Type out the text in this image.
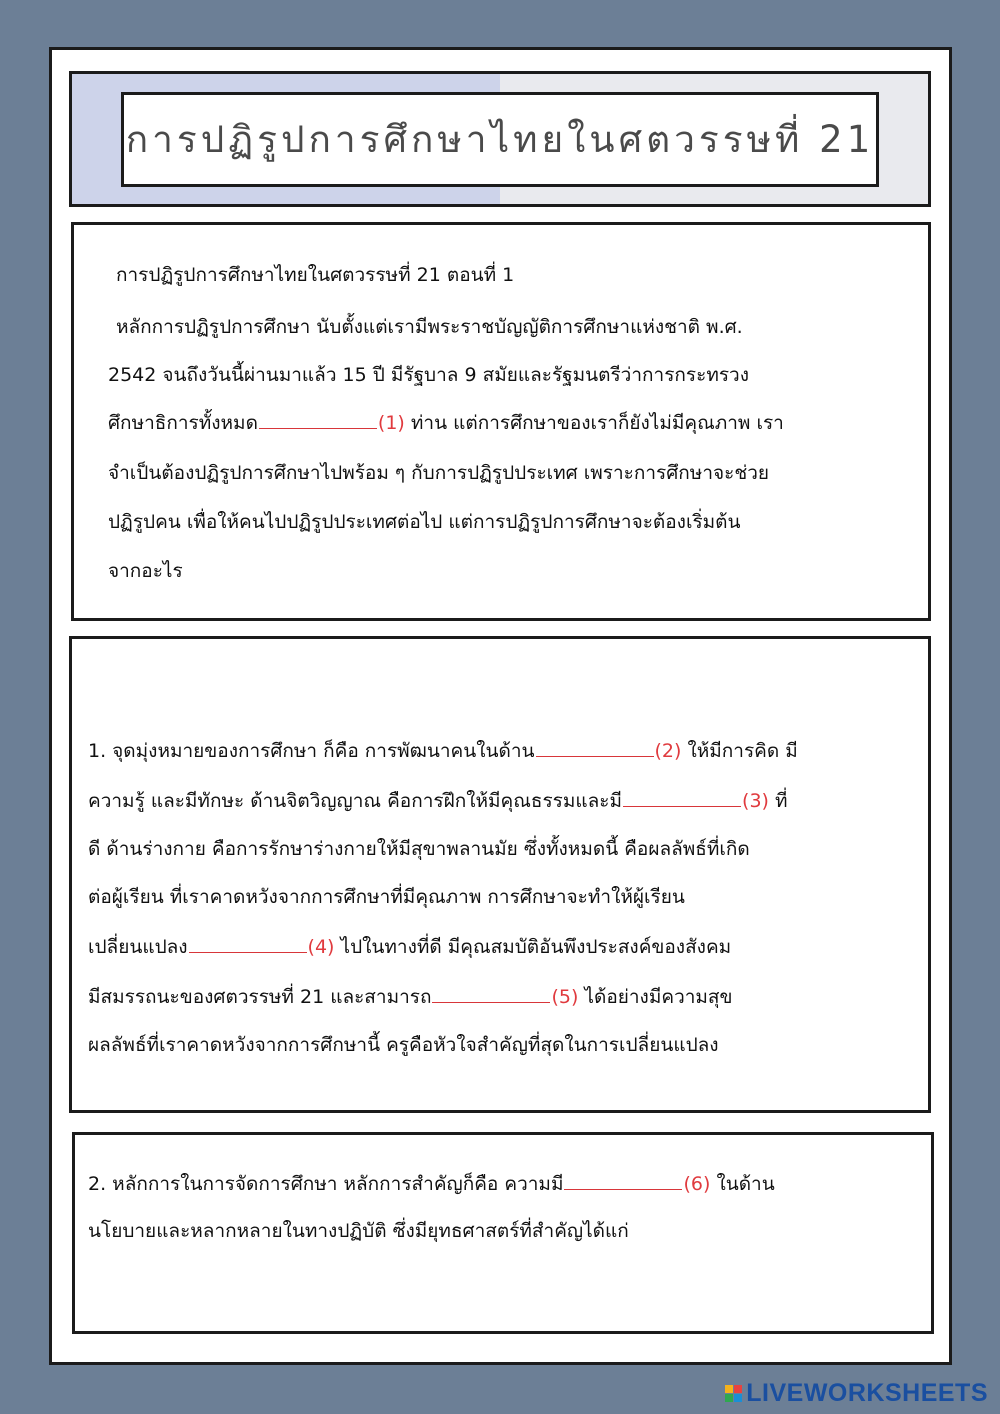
การปฏิรูปการศึกษาไทยในศตวรรษที่ 21
การปฏิรูปการศึกษาไทยในศตวรรษที่ 21 ตอนที่ 1
หลักการปฏิรูปการศึกษา นับตั้งแต่เรามีพระราชบัญญัติการศึกษาแห่งชาติ พ.ศ.
2542 จนถึงวันนี้ผ่านมาแล้ว 15 ปี มีรัฐบาล 9 สมัยและรัฐมนตรีว่าการกระทรวง
ศึกษาธิการทั้งหมด	(1) ท่าน แต่การศึกษาของเราก็ยังไม่มีคุณภาพ เรา
จำเป็นต้องปฏิรูปการศึกษาไปพร้อม ๆ กับการปฏิรูปประเทศ เพราะการศึกษาจะช่วย
ปฏิรูปคน เพื่อให้คนไปปฏิรูปประเทศต่อไป แต่การปฏิรูปการศึกษาจะต้องเริ่มต้น
จากอะไร
1. จุดมุ่งหมายของการศึกษา ก็คือ การพัฒนาคนในด้าน	(2) ให้มีการคิด มี
ความรู้ และมีทักษะ ด้านจิตวิญญาณ คือการฝึกให้มีคุณธรรมและมี	(3) ที่
ดี ด้านร่างกาย คือการรักษาร่างกายให้มีสุขาพลานมัย ซึ่งทั้งหมดนี้ คือผลลัพธ์ที่เกิด
ต่อผู้เรียน ที่เราคาดหวังจากการศึกษาที่มีคุณภาพ การศึกษาจะทำให้ผู้เรียน
เปลี่ยนแปลง	(4) ไปในทางที่ดี มีคุณสมบัติอันพึงประสงค์ของสังคม
มีสมรรถนะของศตวรรษที่ 21 และสามารถ	(5) ได้อย่างมีความสุข
ผลลัพธ์ที่เราคาดหวังจากการศึกษานี้ ครูคือหัวใจสำคัญที่สุดในการเปลี่ยนแปลง
2. หลักการในการจัดการศึกษา หลักการสำคัญก็คือ ความมี	(6) ในด้าน
นโยบายและหลากหลายในทางปฏิบัติ ซึ่งมียุทธศาสตร์ที่สำคัญได้แก่
LIVEWORKSHEETS
